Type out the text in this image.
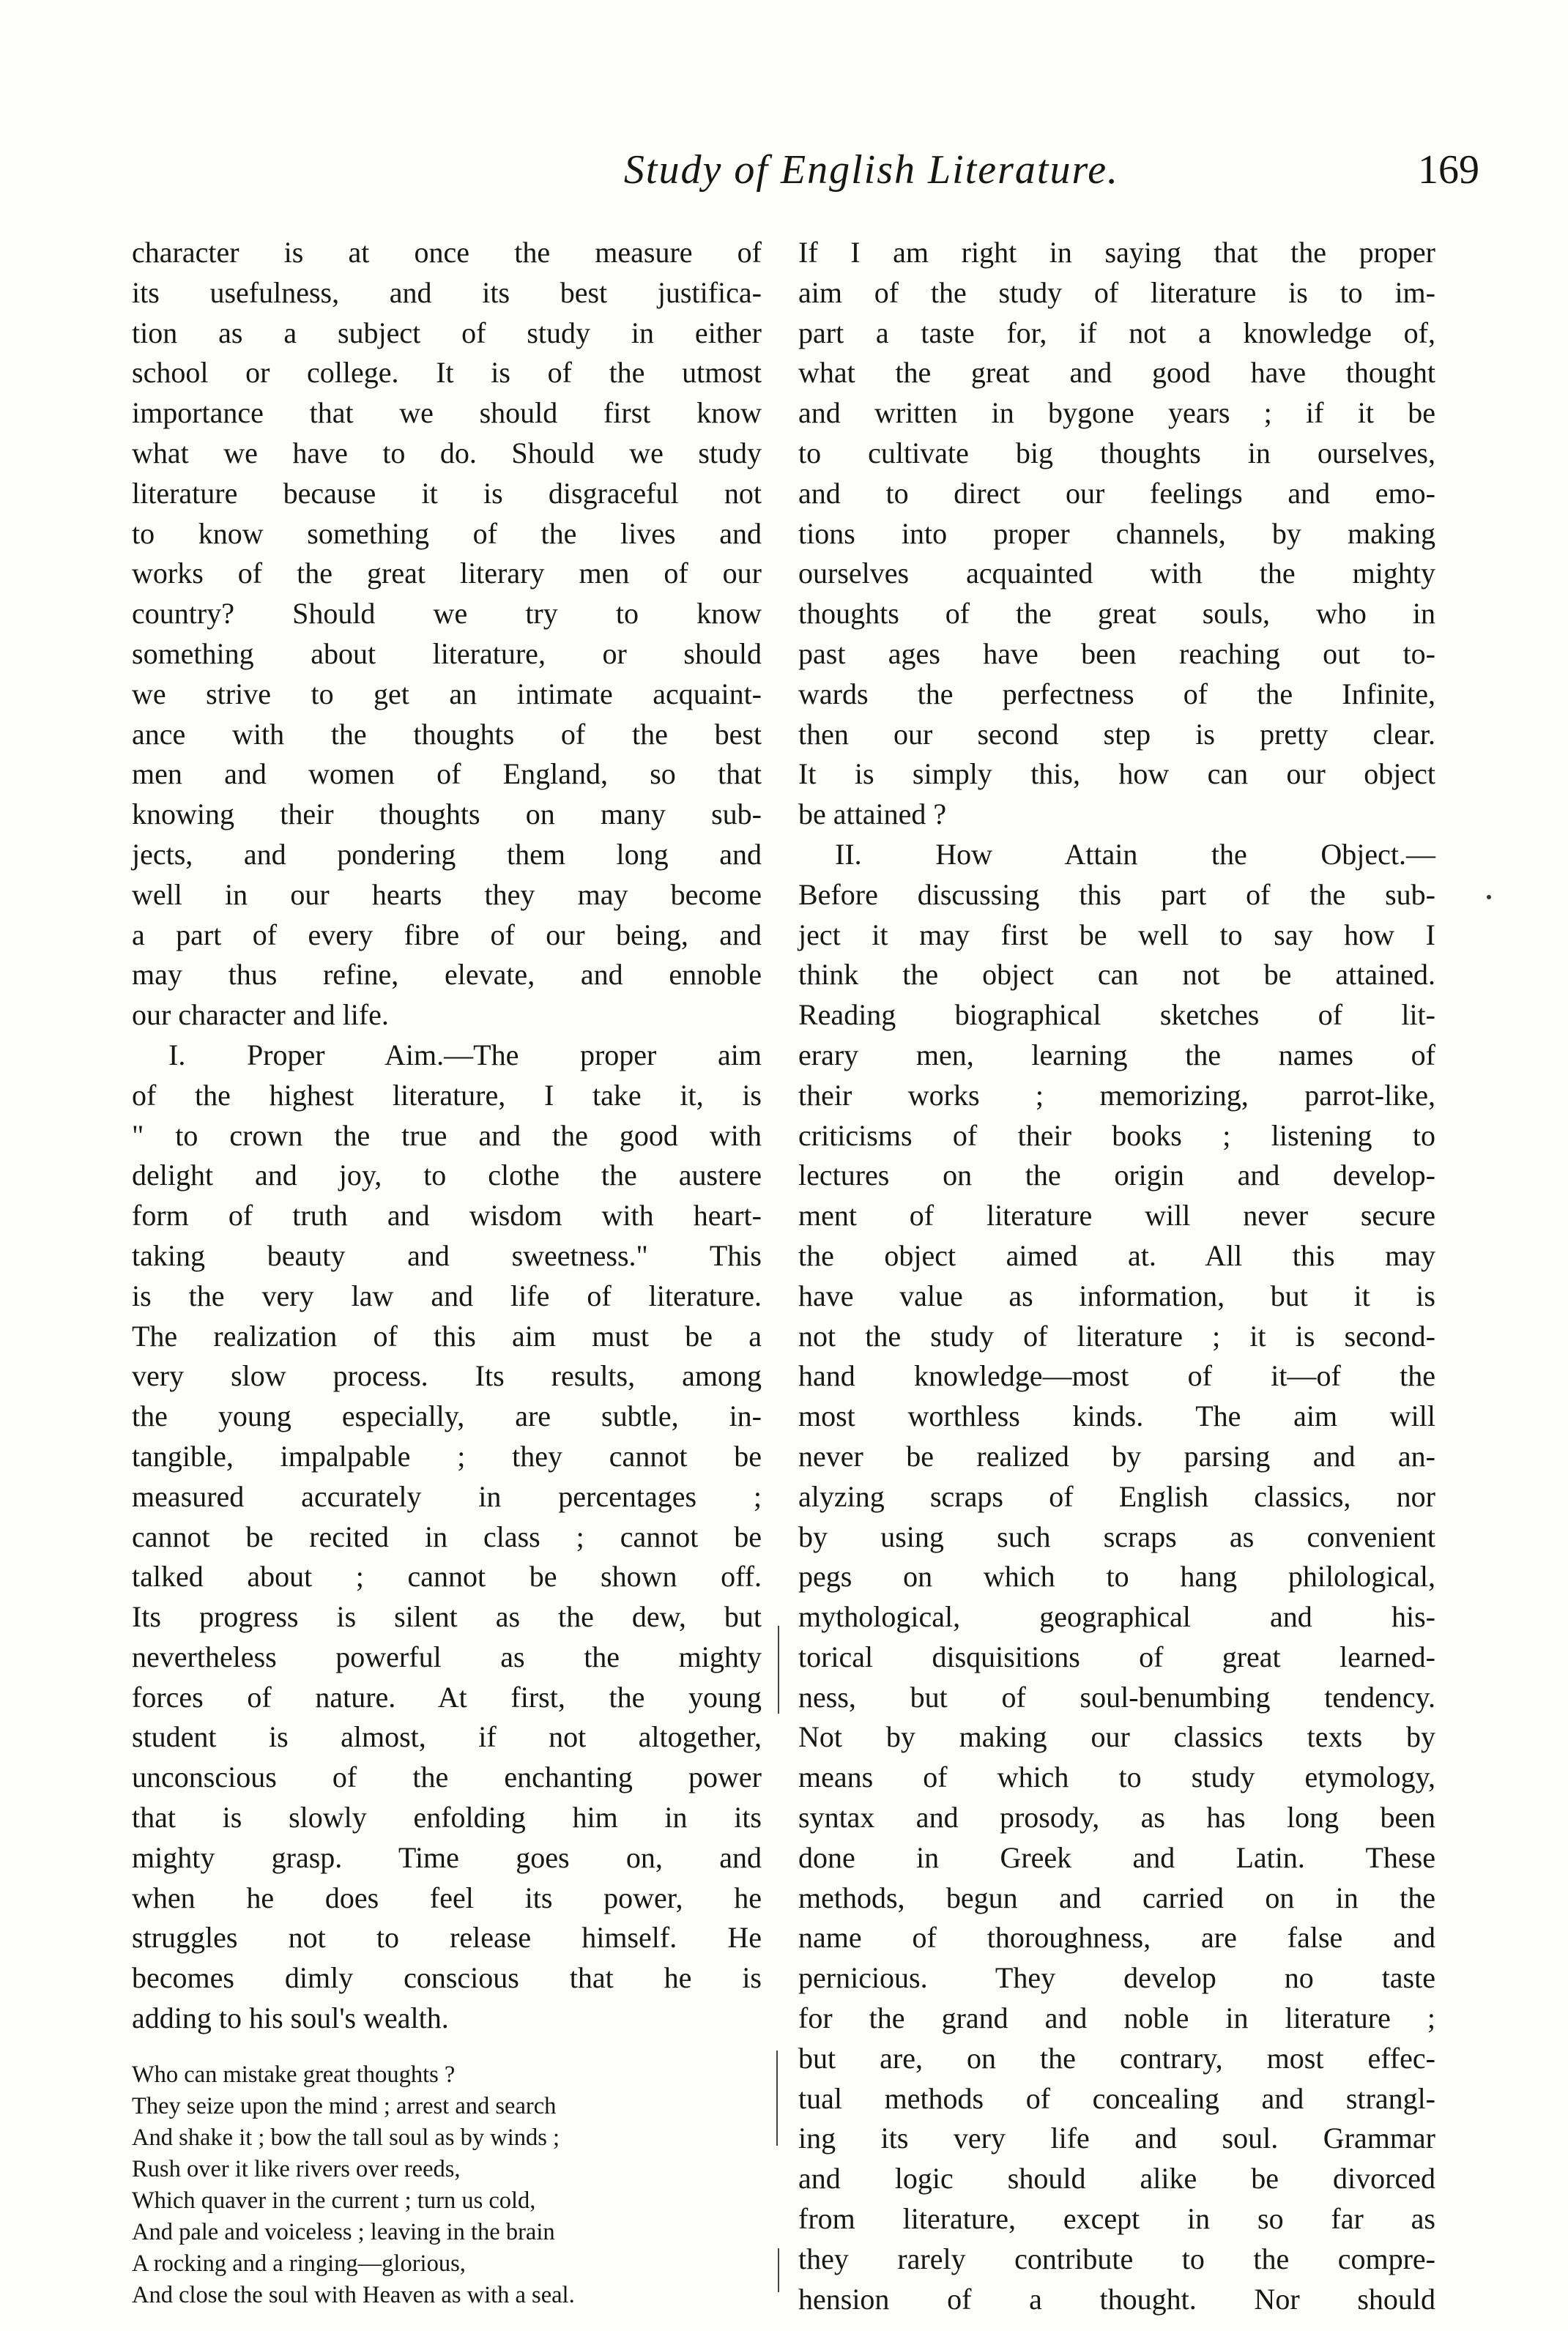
Study of English Literature.	169
character is at once the measure of
its usefulness, and its best justifica-
tion as a subject of study in either
school or college. It is of the utmost
importance that we should first know
what we have to do. Should we study
literature because it is disgraceful not
to know something of the lives and
works of the great literary men of our
country? Should we try to know
something about literature, or should
we strive to get an intimate acquaint-
ance with the thoughts of the best
men and women of England, so that
knowing their thoughts on many sub-
jects, and pondering them long and
well in our hearts they may become
a part of every fibre of our being, and
may thus refine, elevate, and ennoble
our character and life.
I. Proper Aim.—The proper aim
of the highest literature, I take it, is
" to crown the true and the good with
delight and joy, to clothe the austere
form of truth and wisdom with heart-
taking beauty and sweetness." This
is the very law and life of literature.
The realization of this aim must be a
very slow process. Its results, among
the young especially, are subtle, in-
tangible, impalpable ; they cannot be
measured accurately in percentages ;
cannot be recited in class ; cannot be
talked about ; cannot be shown off.
Its progress is silent as the dew, but
nevertheless powerful as the mighty
forces of nature. At first, the young
student is almost, if not altogether,
unconscious of the enchanting power
that is slowly enfolding him in its
mighty grasp. Time goes on, and
when he does feel its power, he
struggles not to release himself. He
becomes dimly conscious that he is
adding to his soul's wealth.
Who can mistake great thoughts ?
They seize upon the mind ; arrest and search
And shake it ; bow the tall soul as by winds ;
Rush over it like rivers over reeds,
Which quaver in the current ; turn us cold,
And pale and voiceless ; leaving in the brain
A rocking and a ringing—glorious,
And close the soul with Heaven as with a seal.
If I am right in saying that the proper
aim of the study of literature is to im-
part a taste for, if not a knowledge of,
what the great and good have thought
and written in bygone years ; if it be
to cultivate big thoughts in ourselves,
and to direct our feelings and emo-
tions into proper channels, by making
ourselves acquainted with the mighty
thoughts of the great souls, who in
past ages have been reaching out to-
wards the perfectness of the Infinite,
then our second step is pretty clear.
It is simply this, how can our object
be attained ?
II. How Attain the Object.—
Before discussing this part of the sub-
ject it may first be well to say how I
think the object can not be attained.
Reading biographical sketches of lit-
erary men, learning the names of
their works ; memorizing, parrot-like,
criticisms of their books ; listening to
lectures on the origin and develop-
ment of literature will never secure
the object aimed at. All this may
have value as information, but it is
not the study of literature ; it is second-
hand knowledge—most of it—of the
most worthless kinds. The aim will
never be realized by parsing and an-
alyzing scraps of English classics, nor
by using such scraps as convenient
pegs on which to hang philological,
mythological, geographical and his-
torical disquisitions of great learned-
ness, but of soul-benumbing tendency.
Not by making our classics texts by
means of which to study etymology,
syntax and prosody, as has long been
done in Greek and Latin. These
methods, begun and carried on in the
name of thoroughness, are false and
pernicious. They develop no taste
for the grand and noble in literature ;
but are, on the contrary, most effec-
tual methods of concealing and strangl-
ing its very life and soul. Grammar
and logic should alike be divorced
from literature, except in so far as
they rarely contribute to the compre-
hension of a thought. Nor should
